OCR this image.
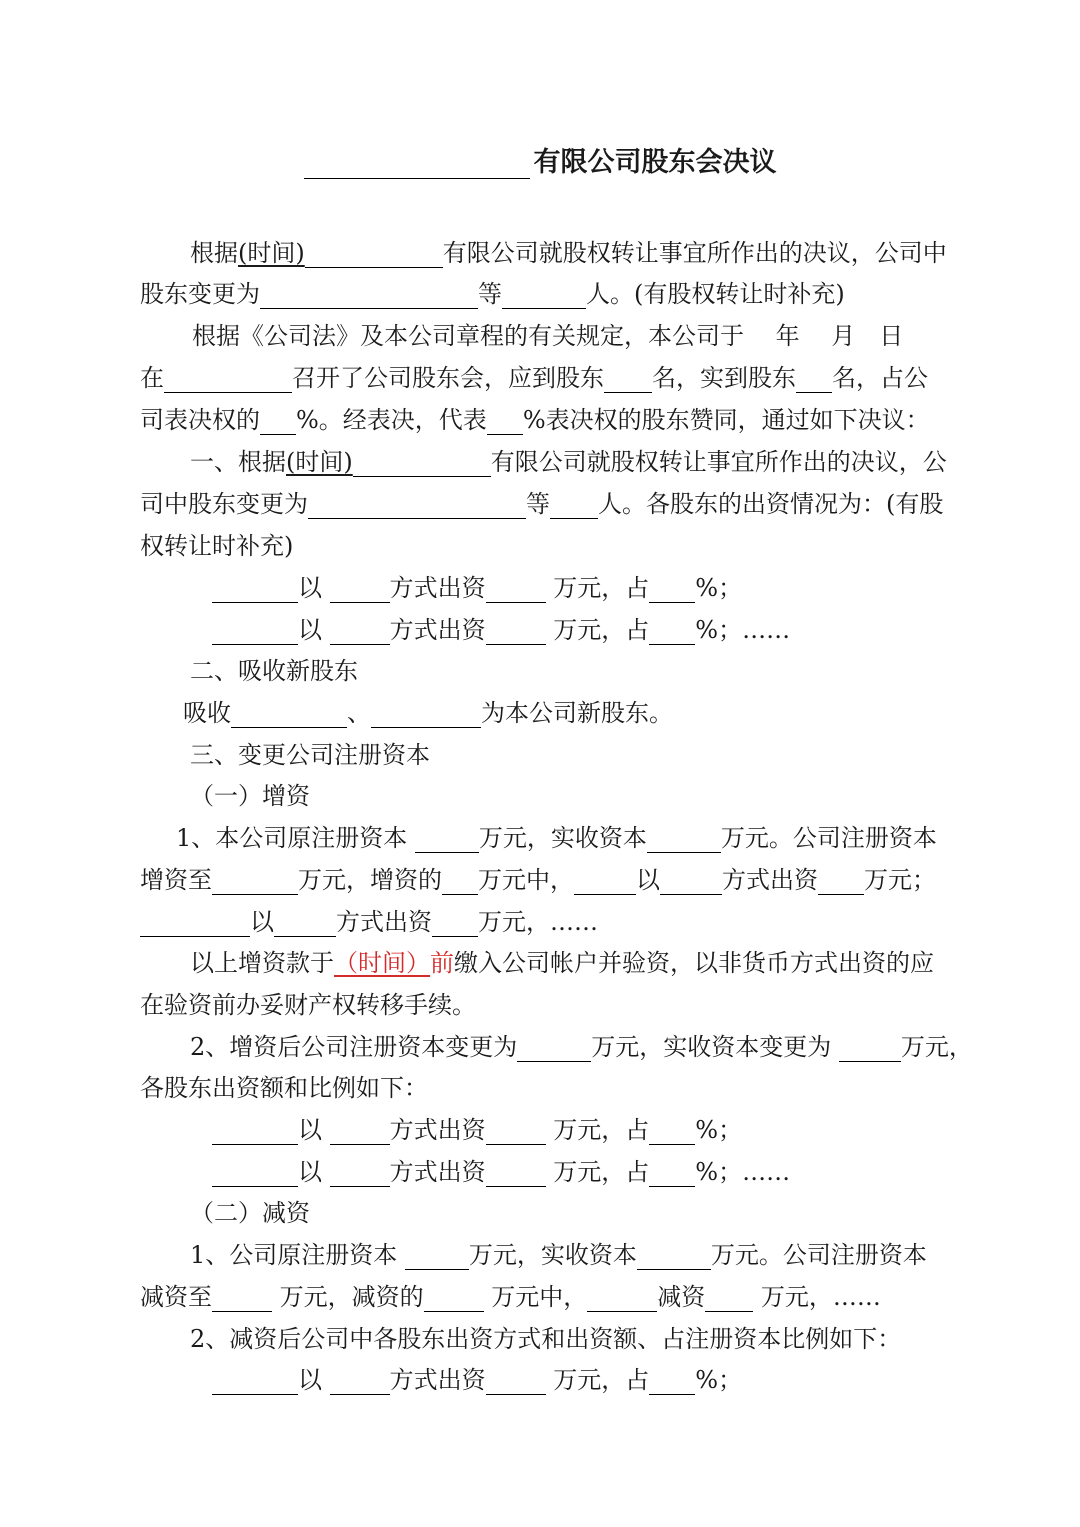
有限公司股东会决议
根据(时间)	有限公司就股权转让事宜所作出的决议，公司中
股东变更为	等	人。(有股权转让时补充)
根据《公司法》及本公司章程的有关规定，本公司于　 年　 月　日
在	召开了公司股东会，应到股东 名，实到股东 名，占公
司表决权的 %。经表决，代表 %表决权的股东赞同，通过如下决议：
一、根据(时间)	有限公司就股权转让事宜所作出的决议，公
司中股东变更为	等 人。各股东的出资情况为：(有股
权转让时补充)
以	方式出资	万元，占 %；
以	方式出资	万元，占 %；……
二、吸收新股东
吸收	、	为本公司新股东。
三、变更公司注册资本
（一）增资
1、本公司原注册资本	万元，实收资本	万元。公司注册资本
增资至	万元，增资的 万元中，	以	方式出资 万元；
以	方式出资 万元，……
以上增资款于（时间）前缴入公司帐户并验资，以非货币方式出资的应
在验资前办妥财产权转移手续。
2、增资后公司注册资本变更为	万元，实收资本变更为	万元，
各股东出资额和比例如下：
以	方式出资	万元，占 %；
以	方式出资	万元，占 %；……
（二）减资
1、公司原注册资本	万元，实收资本	万元。公司注册资本
减资至	万元，减资的	万元中，	减资 万元，……
2、减资后公司中各股东出资方式和出资额、占注册资本比例如下：
以	方式出资	万元，占 %；
